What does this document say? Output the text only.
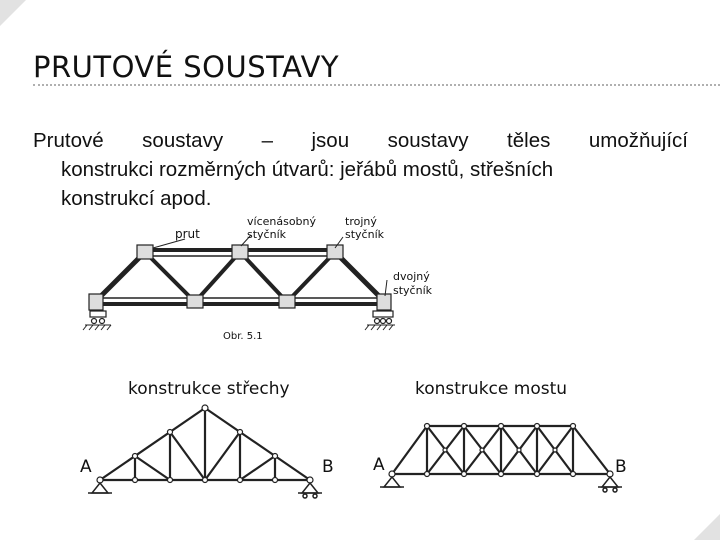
PRUTOVÉ SOUSTAVY
Prutové soustavy – jsou soustavy těles umožňující
konstrukci rozměrných útvarů: jeřábů mostů, střešních
konstrukcí apod.
prut
vícenásobný
styčník
trojný
styčník
dvojný
styčník
Obr. 5.1
konstrukce střechy
A	B
konstrukce mostu
A	B
